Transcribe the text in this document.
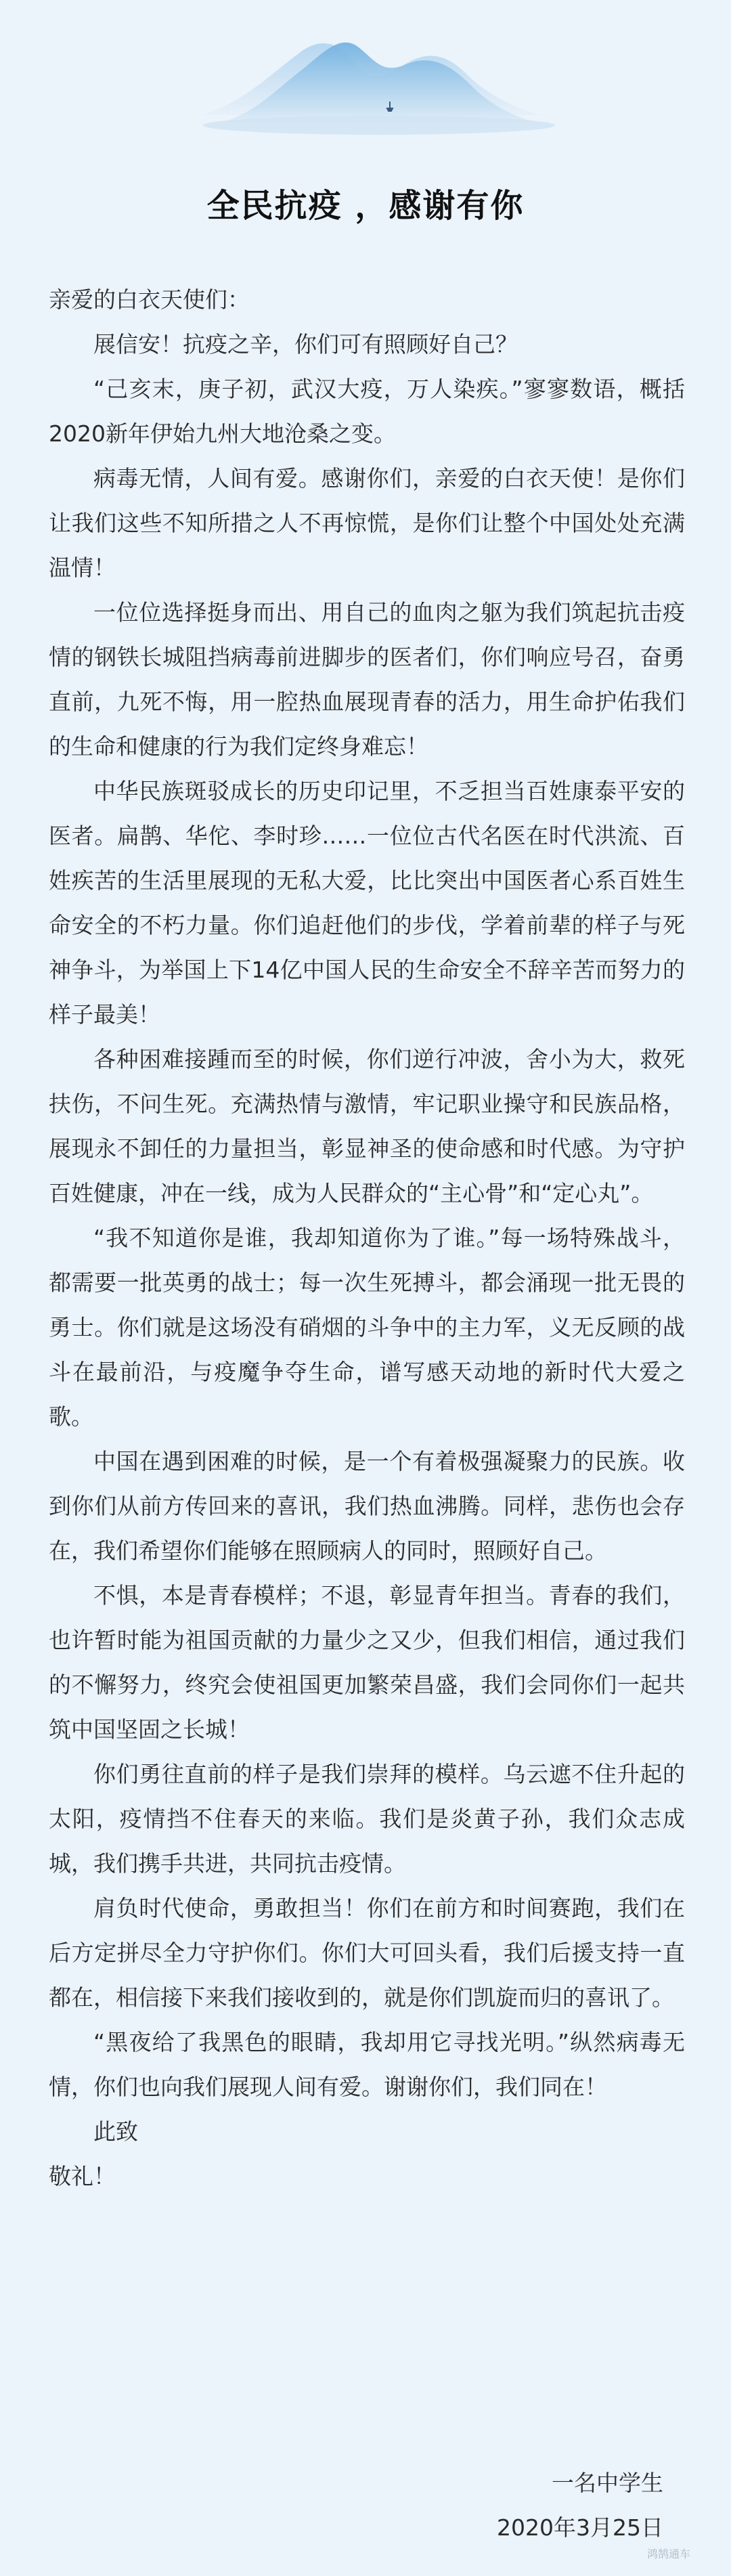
全民抗疫 ，感谢有你

亲爱的白衣天使们：

展信安！抗疫之辛，你们可有照顾好自己？

“己亥末，庚子初，武汉大疫，万人染疾。”寥寥数语，概括2020新年伊始九州大地沧桑之变。

病毒无情，人间有爱。感谢你们，亲爱的白衣天使！是你们让我们这些不知所措之人不再惊慌，是你们让整个中国处处充满温情！

一位位选择挺身而出、用自己的血肉之躯为我们筑起抗击疫情的钢铁长城阻挡病毒前进脚步的医者们，你们响应号召，奋勇直前，九死不悔，用一腔热血展现青春的活力，用生命护佑我们的生命和健康的行为我们定终身难忘！

中华民族斑驳成长的历史印记里，不乏担当百姓康泰平安的医者。扁鹊、华佗、李时珍……一位位古代名医在时代洪流、百姓疾苦的生活里展现的无私大爱，比比突出中国医者心系百姓生命安全的不朽力量。你们追赶他们的步伐，学着前辈的样子与死神争斗，为举国上下14亿中国人民的生命安全不辞辛苦而努力的样子最美！

各种困难接踵而至的时候，你们逆行冲波，舍小为大，救死扶伤，不问生死。充满热情与激情，牢记职业操守和民族品格，展现永不卸任的力量担当，彰显神圣的使命感和时代感。为守护百姓健康，冲在一线，成为人民群众的“主心骨”和“定心丸”。

“我不知道你是谁，我却知道你为了谁。”每一场特殊战斗，都需要一批英勇的战士；每一次生死搏斗，都会涌现一批无畏的勇士。你们就是这场没有硝烟的斗争中的主力军，义无反顾的战斗在最前沿，与疫魔争夺生命，谱写感天动地的新时代大爱之歌。

中国在遇到困难的时候，是一个有着极强凝聚力的民族。收到你们从前方传回来的喜讯，我们热血沸腾。同样，悲伤也会存在，我们希望你们能够在照顾病人的同时，照顾好自己。

不惧，本是青春模样；不退，彰显青年担当。青春的我们，也许暂时能为祖国贡献的力量少之又少，但我们相信，通过我们的不懈努力，终究会使祖国更加繁荣昌盛，我们会同你们一起共筑中国坚固之长城！

你们勇往直前的样子是我们崇拜的模样。乌云遮不住升起的太阳，疫情挡不住春天的来临。我们是炎黄子孙，我们众志成城，我们携手共进，共同抗击疫情。

肩负时代使命，勇敢担当！你们在前方和时间赛跑，我们在后方定拼尽全力守护你们。你们大可回头看，我们后援支持一直都在，相信接下来我们接收到的，就是你们凯旋而归的喜讯了。

“黑夜给了我黑色的眼睛，我却用它寻找光明。”纵然病毒无情，你们也向我们展现人间有爱。谢谢你们，我们同在！

此致

敬礼！

一名中学生
2020年3月25日
鸿鹄通车
